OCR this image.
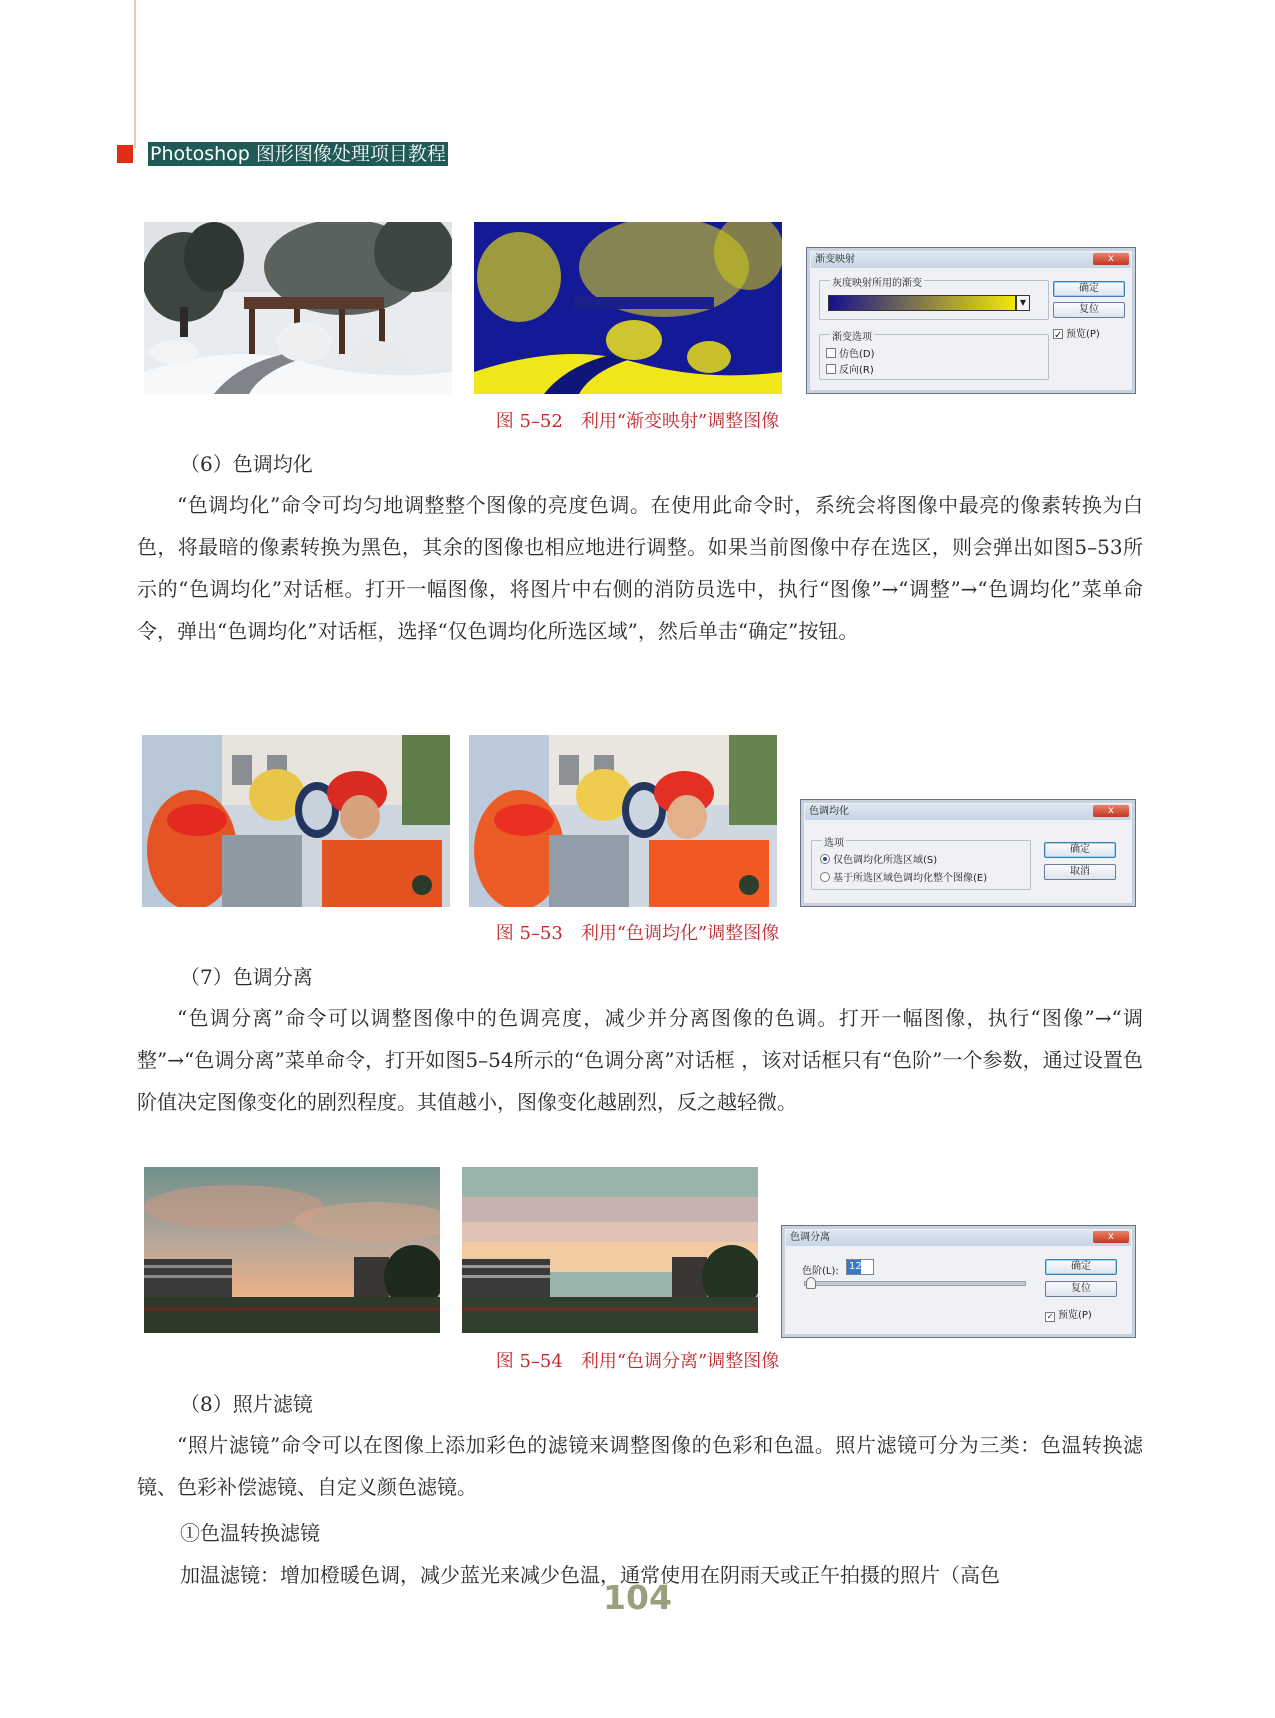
Photoshop 图形图像处理项目教程
渐变映射	x
灰度映射所用的渐变
▼
渐变选项
仿色(D)
反向(R)
确定
复位
✓ 预览(P)
图 5–52　利用“渐变映射”调整图像
（6）色调均化
“色调均化”命令可均匀地调整整个图像的亮度色调。在使用此命令时，系统会将图像中最亮的像素转换为白色，将最暗的像素转换为黑色，其余的图像也相应地进行调整。如果当前图像中存在选区，则会弹出如图5–53所示的“色调均化”对话框。打开一幅图像，将图片中右侧的消防员选中，执行“图像”→“调整”→“色调均化”菜单命令，弹出“色调均化”对话框，选择“仅色调均化所选区域”，然后单击“确定”按钮。
色调均化	x
选项
仅色调均化所选区域(S)
基于所选区域色调均化整个图像(E)
确定
取消
图 5–53　利用“色调均化”调整图像
（7）色调分离
“色调分离”命令可以调整图像中的色调亮度，减少并分离图像的色调。打开一幅图像，执行“图像”→“调整”→“色调分离”菜单命令，打开如图5–54所示的“色调分离”对话框 ，该对话框只有“色阶”一个参数，通过设置色阶值决定图像变化的剧烈程度。其值越小，图像变化越剧烈，反之越轻微。
色调分离	x
色阶(L):	12	确定
复位
✓ 预览(P)
图 5–54　利用“色调分离”调整图像
（8）照片滤镜
“照片滤镜”命令可以在图像上添加彩色的滤镜来调整图像的色彩和色温。照片滤镜可分为三类：色温转换滤镜、色彩补偿滤镜、自定义颜色滤镜。
①色温转换滤镜
加温滤镜：增加橙暖色调，减少蓝光来减少色温，通常使用在阴雨天或正午拍摄的照片（高色
104
